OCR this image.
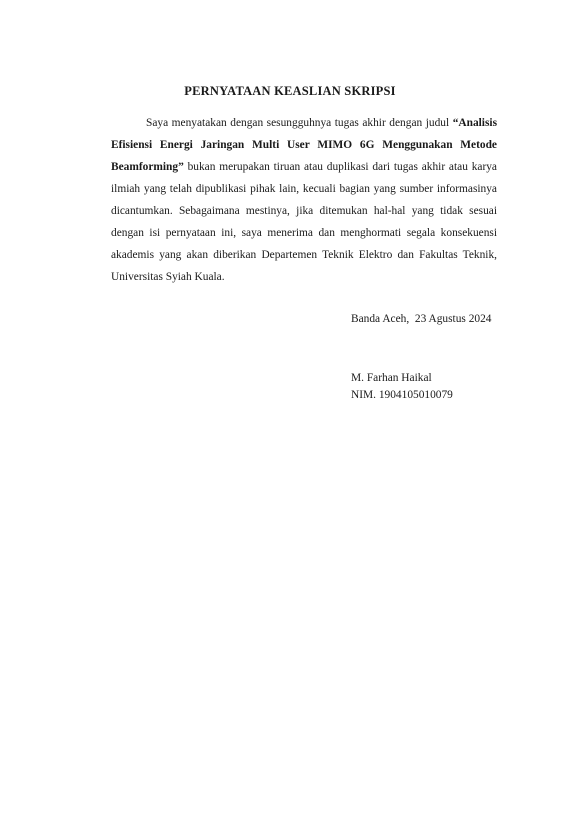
PERNYATAAN KEASLIAN SKRIPSI

Saya menyatakan dengan sesungguhnya tugas akhir dengan judul “Analisis Efisiensi Energi Jaringan Multi User MIMO 6G Menggunakan Metode Beamforming” bukan merupakan tiruan atau duplikasi dari tugas akhir atau karya ilmiah yang telah dipublikasi pihak lain, kecuali bagian yang sumber informasinya dicantumkan. Sebagaimana mestinya, jika ditemukan hal-hal yang tidak sesuai dengan isi pernyataan ini, saya menerima dan menghormati segala konsekuensi akademis yang akan diberikan Departemen Teknik Elektro dan Fakultas Teknik, Universitas Syiah Kuala.

Banda Aceh,  23 Agustus 2024
M. Farhan Haikal
NIM. 1904105010079
